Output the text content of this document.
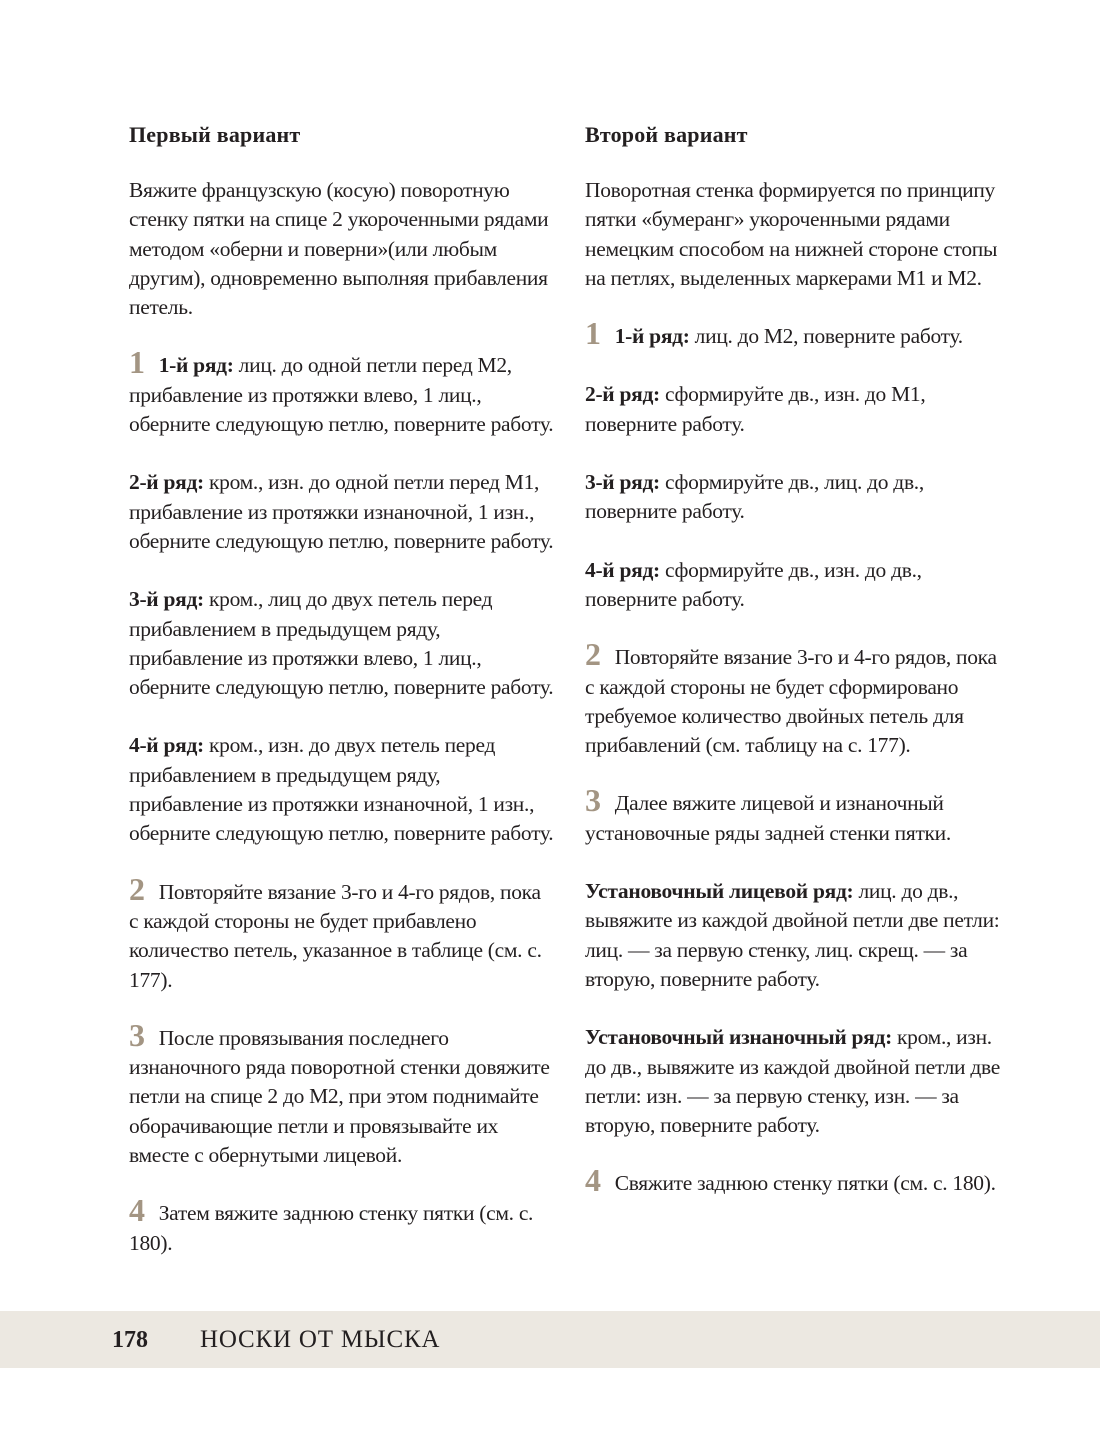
Первый вариант

Вяжите французскую (косую) поворотную стенку пятки на спице 2 укороченными рядами методом «оберни и поверни»(или любым другим), одновременно выполняя прибавления петель.

1 1-й ряд: лиц. до одной петли перед М2, прибавление из протяжки влево, 1 лиц., оберните следующую петлю, поверните работу.

2-й ряд: кром., изн. до одной петли перед М1, прибавление из протяжки изнаночной, 1 изн., оберните следующую петлю, поверните работу.

3-й ряд: кром., лиц до двух петель перед прибавлением в предыдущем ряду, прибавление из протяжки влево, 1 лиц., оберните следующую петлю, поверните работу.

4-й ряд: кром., изн. до двух петель перед прибавлением в предыдущем ряду, прибавление из протяжки изнаночной, 1 изн., оберните следующую петлю, поверните работу.

2 Повторяйте вязание 3-го и 4-го рядов, пока с каждой стороны не будет прибавлено количество петель, указанное в таблице (см. с. 177).

3 После провязывания последнего изнаночного ряда поворотной стенки довяжите петли на спице 2 до М2, при этом поднимайте оборачивающие петли и провязывайте их вместе с обернутыми лицевой.

4 Затем вяжите заднюю стенку пятки (см. с. 180).

Второй вариант

Поворотная стенка формируется по принципу пятки «бумеранг» укороченными рядами немецким способом на нижней стороне стопы на петлях, выделенных маркерами М1 и М2.

1 1-й ряд: лиц. до М2, поверните работу.

2-й ряд: сформируйте дв., изн. до М1, поверните работу.

3-й ряд: сформируйте дв., лиц. до дв., поверните работу.

4-й ряд: сформируйте дв., изн. до дв., поверните работу.

2 Повторяйте вязание 3-го и 4-го рядов, пока с каждой стороны не будет сформировано требуемое количество двойных петель для прибавлений (см. таблицу на с. 177).

3 Далее вяжите лицевой и изнаночный установочные ряды задней стенки пятки.

Установочный лицевой ряд: лиц. до дв., вывяжите из каждой двойной петли две петли: лиц. — за первую стенку, лиц. скрещ. — за вторую, поверните работу.

Установочный изнаночный ряд: кром., изн. до дв., вывяжите из каждой двойной петли две петли: изн. — за первую стенку, изн. — за вторую, поверните работу.

4 Свяжите заднюю стенку пятки (см. с. 180).

178 НОСКИ ОТ МЫСКА
